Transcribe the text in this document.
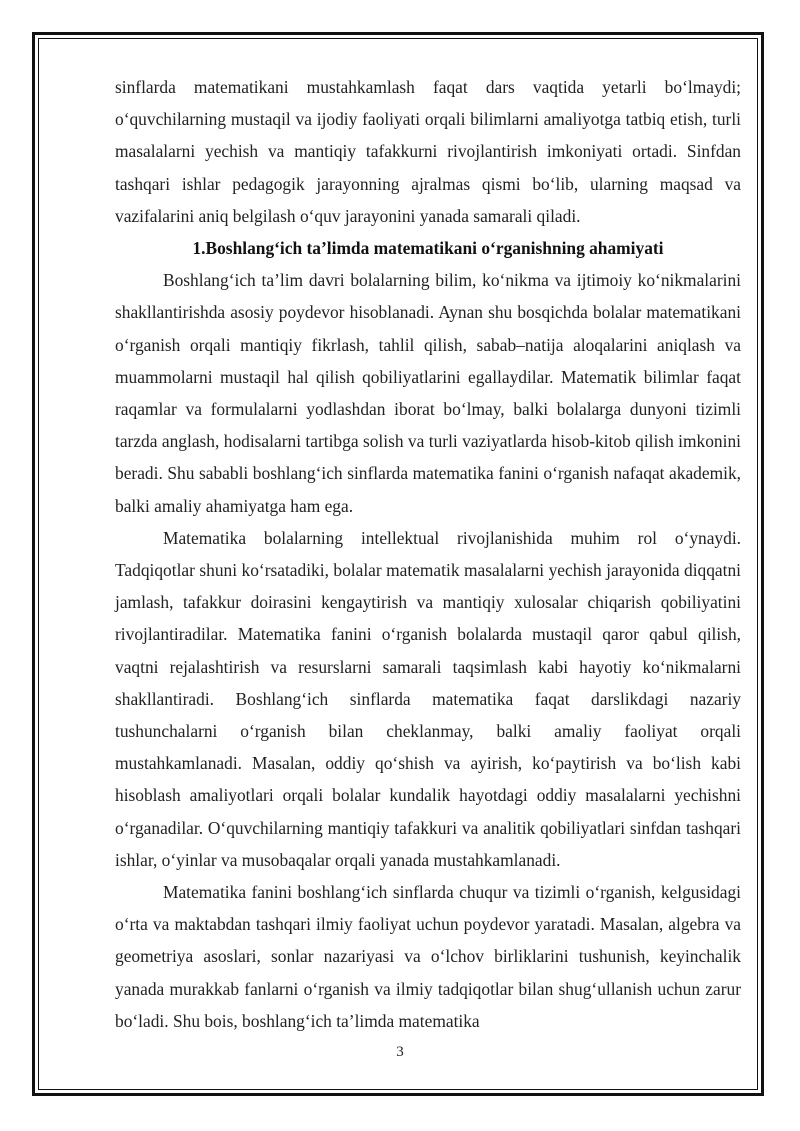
sinflarda matematikani mustahkamlash faqat dars vaqtida yetarli bo‘lmaydi; o‘quvchilarning mustaqil va ijodiy faoliyati orqali bilimlarni amaliyotga tatbiq etish, turli masalalarni yechish va mantiqiy tafakkurni rivojlantirish imkoniyati ortadi. Sinfdan tashqari ishlar pedagogik jarayonning ajralmas qismi bo‘lib, ularning maqsad va vazifalarini aniq belgilash o‘quv jarayonini yanada samarali qiladi.

1.Boshlang‘ich ta’limda matematikani o‘rganishning ahamiyati

Boshlang‘ich ta’lim davri bolalarning bilim, ko‘nikma va ijtimoiy ko‘nikmalarini shakllantirishda asosiy poydevor hisoblanadi. Aynan shu bosqichda bolalar matematikani o‘rganish orqali mantiqiy fikrlash, tahlil qilish, sabab–natija aloqalarini aniqlash va muammolarni mustaqil hal qilish qobiliyatlarini egallaydilar. Matematik bilimlar faqat raqamlar va formulalarni yodlashdan iborat bo‘lmay, balki bolalarga dunyoni tizimli tarzda anglash, hodisalarni tartibga solish va turli vaziyatlarda hisob-kitob qilish imkonini beradi. Shu sababli boshlang‘ich sinflarda matematika fanini o‘rganish nafaqat akademik, balki amaliy ahamiyatga ham ega.

Matematika bolalarning intellektual rivojlanishida muhim rol o‘ynaydi. Tadqiqotlar shuni ko‘rsatadiki, bolalar matematik masalalarni yechish jarayonida diqqatni jamlash, tafakkur doirasini kengaytirish va mantiqiy xulosalar chiqarish qobiliyatini rivojlantiradilar. Matematika fanini o‘rganish bolalarda mustaqil qaror qabul qilish, vaqtni rejalashtirish va resurslarni samarali taqsimlash kabi hayotiy ko‘nikmalarni shakllantiradi. Boshlang‘ich sinflarda matematika faqat darslikdagi nazariy tushunchalarni o‘rganish bilan cheklanmay, balki amaliy faoliyat orqali mustahkamlanadi. Masalan, oddiy qo‘shish va ayirish, ko‘paytirish va bo‘lish kabi hisoblash amaliyotlari orqali bolalar kundalik hayotdagi oddiy masalalarni yechishni o‘rganadilar. O‘quvchilarning mantiqiy tafakkuri va analitik qobiliyatlari sinfdan tashqari ishlar, o‘yinlar va musobaqalar orqali yanada mustahkamlanadi.

Matematika fanini boshlang‘ich sinflarda chuqur va tizimli o‘rganish, kelgusidagi o‘rta va maktabdan tashqari ilmiy faoliyat uchun poydevor yaratadi. Masalan, algebra va geometriya asoslari, sonlar nazariyasi va o‘lchov birliklarini tushunish, keyinchalik yanada murakkab fanlarni o‘rganish va ilmiy tadqiqotlar bilan shug‘ullanish uchun zarur bo‘ladi. Shu bois, boshlang‘ich ta’limda matematika

3
